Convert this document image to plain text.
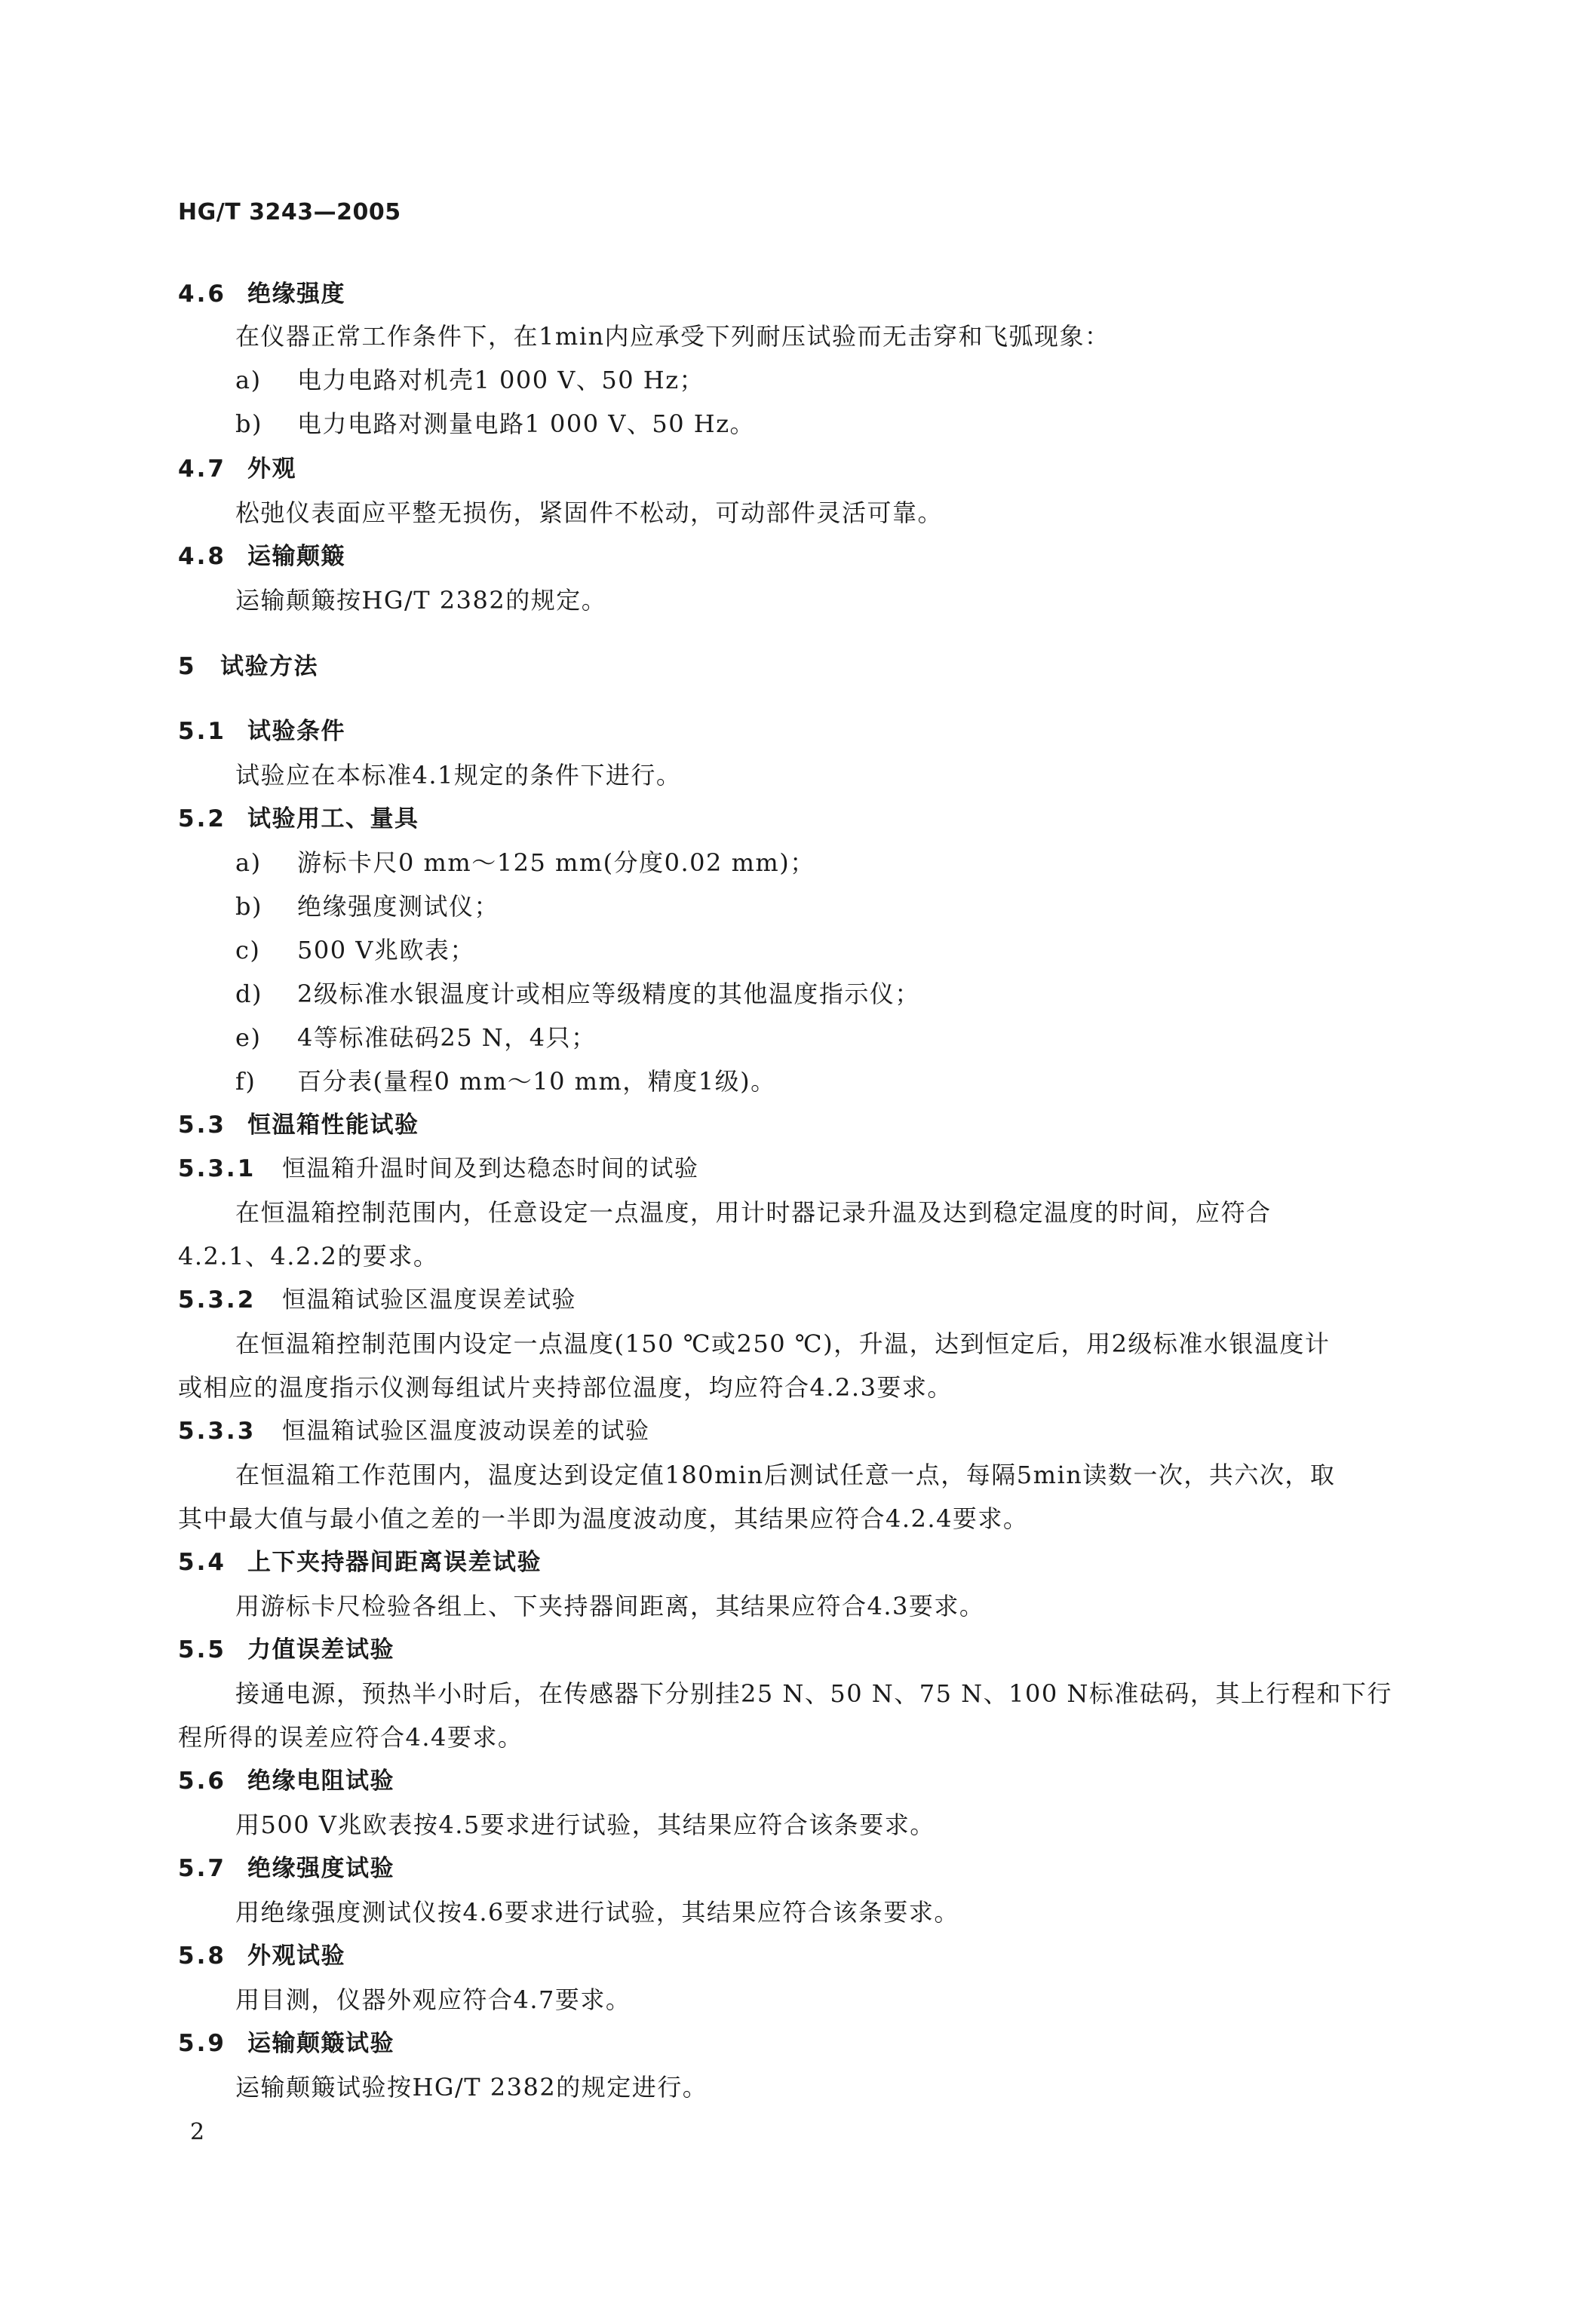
HG/T 3243—2005
4.6 绝缘强度
在仪器正常工作条件下，在1min内应承受下列耐压试验而无击穿和飞弧现象：
a) 电力电路对机壳1 000 V、50 Hz；
b) 电力电路对测量电路1 000 V、50 Hz。
4.7 外观
松弛仪表面应平整无损伤，紧固件不松动，可动部件灵活可靠。
4.8 运输颠簸
运输颠簸按HG/T 2382的规定。
5 试验方法
5.1 试验条件
试验应在本标准4.1规定的条件下进行。
5.2 试验用工、量具
a) 游标卡尺0 mm～125 mm(分度0.02 mm)；
b) 绝缘强度测试仪；
c) 500 V兆欧表；
d) 2级标准水银温度计或相应等级精度的其他温度指示仪；
e) 4等标准砝码25 N，4只；
f) 百分表(量程0 mm～10 mm，精度1级)。
5.3 恒温箱性能试验
5.3.1 恒温箱升温时间及到达稳态时间的试验
在恒温箱控制范围内，任意设定一点温度，用计时器记录升温及达到稳定温度的时间，应符合
4.2.1、4.2.2的要求。
5.3.2 恒温箱试验区温度误差试验
在恒温箱控制范围内设定一点温度(150 ℃或250 ℃)，升温，达到恒定后，用2级标准水银温度计
或相应的温度指示仪测每组试片夹持部位温度，均应符合4.2.3要求。
5.3.3 恒温箱试验区温度波动误差的试验
在恒温箱工作范围内，温度达到设定值180min后测试任意一点，每隔5min读数一次，共六次，取
其中最大值与最小值之差的一半即为温度波动度，其结果应符合4.2.4要求。
5.4 上下夹持器间距离误差试验
用游标卡尺检验各组上、下夹持器间距离，其结果应符合4.3要求。
5.5 力值误差试验
接通电源，预热半小时后，在传感器下分别挂25 N、50 N、75 N、100 N标准砝码，其上行程和下行
程所得的误差应符合4.4要求。
5.6 绝缘电阻试验
用500 V兆欧表按4.5要求进行试验，其结果应符合该条要求。
5.7 绝缘强度试验
用绝缘强度测试仪按4.6要求进行试验，其结果应符合该条要求。
5.8 外观试验
用目测，仪器外观应符合4.7要求。
5.9 运输颠簸试验
运输颠簸试验按HG/T 2382的规定进行。
2
